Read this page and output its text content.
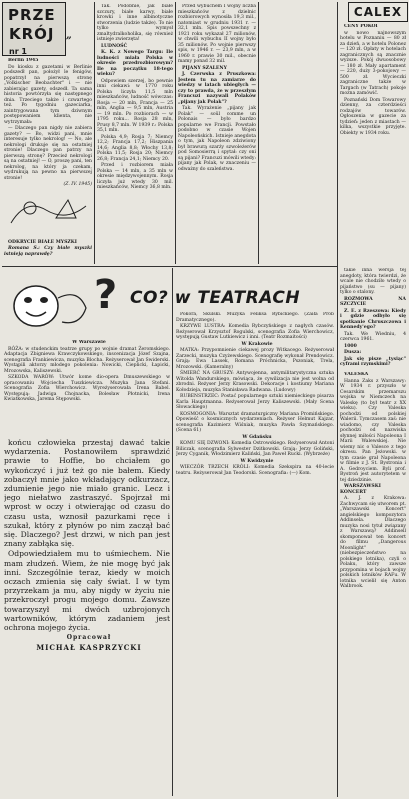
PRZE
KRÓJ
nr 1
„

Berlin 1945

Do kiosku z gazetami w Berlinie podszedł pan, położył le fenigów, popatrzył na pierwszą stronę „Volkischer Beobachter" i — nie zabierając gazety, odszedł. Ta sama historia powtórzyła się następnego dnia. Trzeciego także i czwartego też. Po tygodniu gazeciarka, zaintrygowana tym dziwnym postępowaniem klienta, nie wytrzymała:

— Dlaczego pan nigdy nie zabiera gazety? — Bo, widzi pani, mnie interesuje tylko nekrolog! — No, ale nekrologi drukuje się na ostatniej stronie! Dlaczego pan patrzy na pierwszą stronę? Przecież nekrologi są na ostatniej! — O, proszę pani, ten nekrolog, na który ja czekam, wydrukują na pewno na pierwszej stronie!

(Z. IV. 1945)

ODKRYCIE BIAŁE MYSZKI

Romana S.: Czy białe myszki istnieją naprawdę?

Tak. Podobnie, jak białe szczury, białe karwy, białe krowki i inne albinotyczne stworzenia (ludzie także). To nie tylko wymysł zmaltydralkoholika, się również istnieje zwierzęta!

LUDNOŚĆ

K. K. z Nowego Targu: Ile ludności miała Polska w okresie przedrozbiorowym? Ile na początku 18-tego wieku?

Odpowiem szerzej, bo pewnie inni ciekawi: w 1770 roku Polska liczyła 11,5 mln mieszkańców, ludność wówczas: Rosja — 20 mln, Francja — 25 mln, Anglia — 9,5 mln, Austria — 19 mln. Po rozbiorach — w 1795 roku... Rosja 28 mln, Prusy 8,7 mln. W 1939 r.: Polska 35,1 mln.

Polska 4,9; Rosja 7; Niemcy 12,2; Francja 17,2; Hiszpania 14,6; Anglia 8,8; Włochy 13,8; Polska 11,5; Rosja 20; Niemcy 26,8; Francja 24,1; Niemcy 20.

Przed i rozbiorem miała Polska — 14 mln, a 35 mln w okresie międzywojennym. Rosja liczyła już wtedy 30 mil. mieszkańców, Niemcy 36,8 mln.

Przed wybuchem I wojny liczba mieszkańców z dzielnic rozbiorowych wynosiła 19,3 mil., natomiast w grudniu 1931 r. — 32,1 mln. Spis powszechny z 1921 roku wykazał 27 milionów, w chwili wybuchu II wojny było 35 milionów. Po wojnie pierwszy spis, w 1946 r. — 23,9 mln, a w 1960 r. prawie 30 mil., obecnie mamy ponad 32 mil.

PIJANY SZALENY

J. Czerwska z Pruszkowa: Jestem tu na zamiarze do wiedzy w latach ubiegłych — czy to prawda, że w przeszłym Francuzi nazywali Polaków „pijany jak Polak"?

Tak. Wyrażenie „pijany jak Polak" — soûl comme un Polonais — było bardzo popularne we Francji. Powstało podobno w czasie Wojen Napoleońskich. Istnieje anegdota o tym, jak Napoleon zdziwiony był brawurą szarży szwoleżerów pod Somosierrą i spytał: czy oni są pijani? Francuzi mówili wtedy: pijany jak Polak, w znaczeniu — odważny do szaleństwa.

CALEX

CENY POKOI

w nowo najnowszym hotelu w Poznaniu — 80 zł za dzień, a w hotelu Polonez — 120 zł. Opłaty w hotelach zagranicznych są znacznie wyższe. Pokój dwuosobowy — 180 zł. Mały apartament — 220, duży 3-pokojowy — 500 zł. Wycieczki zagraniczne także w Targach (w Tatrach) pokoje można zamówić.

Poznański Dom Towarowy dzienny, za czterdzieści rodzajów towarów. Ogłoszenia w gazecie za tydzień: jeden z miastach — kilka, wszystkie przyjęte. Obiekty w 1934 roku.

takie inna wersja tej anegdoty, która twierdzi, że wcale nie chodziło wtedy o pijaństwo (su — pijany) tylko o stalony.

ROZMOWA NA SZCZYCIE

Z. E. z Rzeszowa: Kiedy i gdzie odbyło się spotkanie Chruszczowa i Kennedy'ego?

Tak. We Wiedniu, 4 czerwca 1961.

1000

Dusza:

Jak się pisze „tysiąc" cyframi rzymskimi?

? CO? w TEATRACH

W Warszawie

RÓŻA: w studenckim teatrze grupy po wojnie dramat Żeromskiego. Adaptacja Zbigniewa Krawczykowskiego, inscenizacja Józef Szajna, scenografia Frankiewicza, muzyka Blocha. Reżyserował Jan Swiderski. Wystąpili aktorzy młodego pokolenia: Nowicki, Cieplicki, Łapicki, Mrozowska, Kaliszewski.

SZKODA WARÓW: Utwór kome dio-opera Dmuszewskiego w opracowaniu Wojciecha Tuszkiewicza. Muzyka Jana Stefani. Scenografia Zofia Wierchowicz. Wyreżyserowała Irena Babel. Występują: Jadwiga Chojnacka, Bolesław Płotnicki, Irena Kwiatkowska, Jarema Stępowski.

końcu człowieka przestaj dawać takie wydarzenia. Postanowiłem sprawdzić prawie to Hoffie, bo chciałem go wykończyć i już też go nie bałem. Kiedy zobaczył mnie jako wkładający odkurzacz, zdumienie jego nie miało granic. Lecz i jego niełatwo zastraszyć. Spojrzał mi wprost w oczy i otwierając od czasu do czasu usta, wznosił pazurkami ręce i szukał, który z płynów po nim zaczął bać się. Dlaczego? Jest drzwi, w nich pan jest znany zabłąka się.

Odpowiedziałem mu to uśmiechem. Nie mam złudzeń. Wiem, że nie mogę być jak inni. Szczególnie teraz, kiedy w moich oczach zmienia się cały świat. I w tym przyrzekam ja mu, aby nigdy w życiu nie przekroczył progu mojego domu. Zawsze towarzyszył mi dwóch uzbrojonych wartowników, którym zadaniem jest ochrona mojego życia.

Opracował

MICHAŁ KASPRZYCKI

Pokora, Skulski. Muzyka Feliksa Rybickiego. (Zaiła Prob Dramatycznego).

KRZYWE LUSTRA: Komedia Rybczyńskiego z nagłych czasów. Reżyserował Krzysztof Rogulski, scenografia Zofia Wierchowicz, występują Gustaw Lutkiewicz i inni. (Teatr Rozmaitości)

W Krakowie

MATKA: Przypomnienie ciekawej prozy Witkacego. Reżyserował Zarzecki, muzyka Czyżewskiego. Scenografię wykonał Prendowicz. Grają: Ewa Lassek, Romana Próchnicka, Pszoniak, Trela, Mrozowski. (Kameralny)

ŚMIERĆ NA GRUSZY: Antywojenna, antymilitarystyczna sztuka Witolda Wandurskiego, mówiąca, że cywilizacja nie jest wolna od zbrodni. Reżyser Jerzy Krasowski. Dekoracje i kostiumy Mariana Kołodzieja, muzyka Stanisława Radwana. (Ludowy)

RUBENSTRZEC: Postać popularnego sztuki niemieckiego pisarza Karla Hauptmanna. Reżyserował Jerzy Kaliszewski. (Mały Scena Słowackiego)

KOSMOGONIA: Warsztat dramaturgiczny Mariana Promińskiego. Opowieść o kosmicznych wydarzeniach. Reżyser Helmut Kajzar, scenografia Kazimierz Wiśniak, muzyka Pawła Szymańskiego. (Scena 61)

W Gdańsku

KOMU SIĘ DZWONI: Komedia Ostrowskiego. Reżyserował Antoni Biliczak, scenografia Sylwester Dzitkowski. Grają: Jerzy Goliński, Jerzy Cyganik, Włodzimierz Kaliński, Jan Paweł Rucki. (Wybrzeże)

W Kwidzynie

WIECZÓR TRZECH KRÓLI: Komedia Szekspira na 40-lecie teatru. Reżyserował Jan Teodorski. Scenografia: (—) Kom.

VALESKA

Hanna Zaks z Warszawy: W 1934 r. przyszło w Cesarskim przemarszu wojska w Niemczech na Valeskę (to był teatr z XX wieku). Czy Valeska pochodzi od polskiej Walerii. Tymczasem zaś: nie wiadomo, czy Valeska pochodzi od nazwiska słynnej miłości Napoleona I Marii Walewskiej. Nie wiemy nic o Valesce z tego okresu. Pan Jeżowski. w tym czasie grał Napoleona w filmie z J. St. Bystronia i A. Gedroyciem. Byli prof. Bystroń jest autorytetem w tej dziedzinie.

WARSZAWSKI KONCERT

A. J. z Krakowa: Zachwycam się utworem pt. „Warszawski Koncert" angielskiego kompozytora Addinsela. Dlaczego muzyka nosi tytuł związany z Warszawą? Addinsell skomponował ten koncert do filmu „Dangerous Moonlight" (niebezpieczeństwo na polskiego lotnika), czyli o Polaku, który zawsze przypomina w bojach wojny polskich lotników RAFu. W lotnika wcielił się Anton Walbrook.
